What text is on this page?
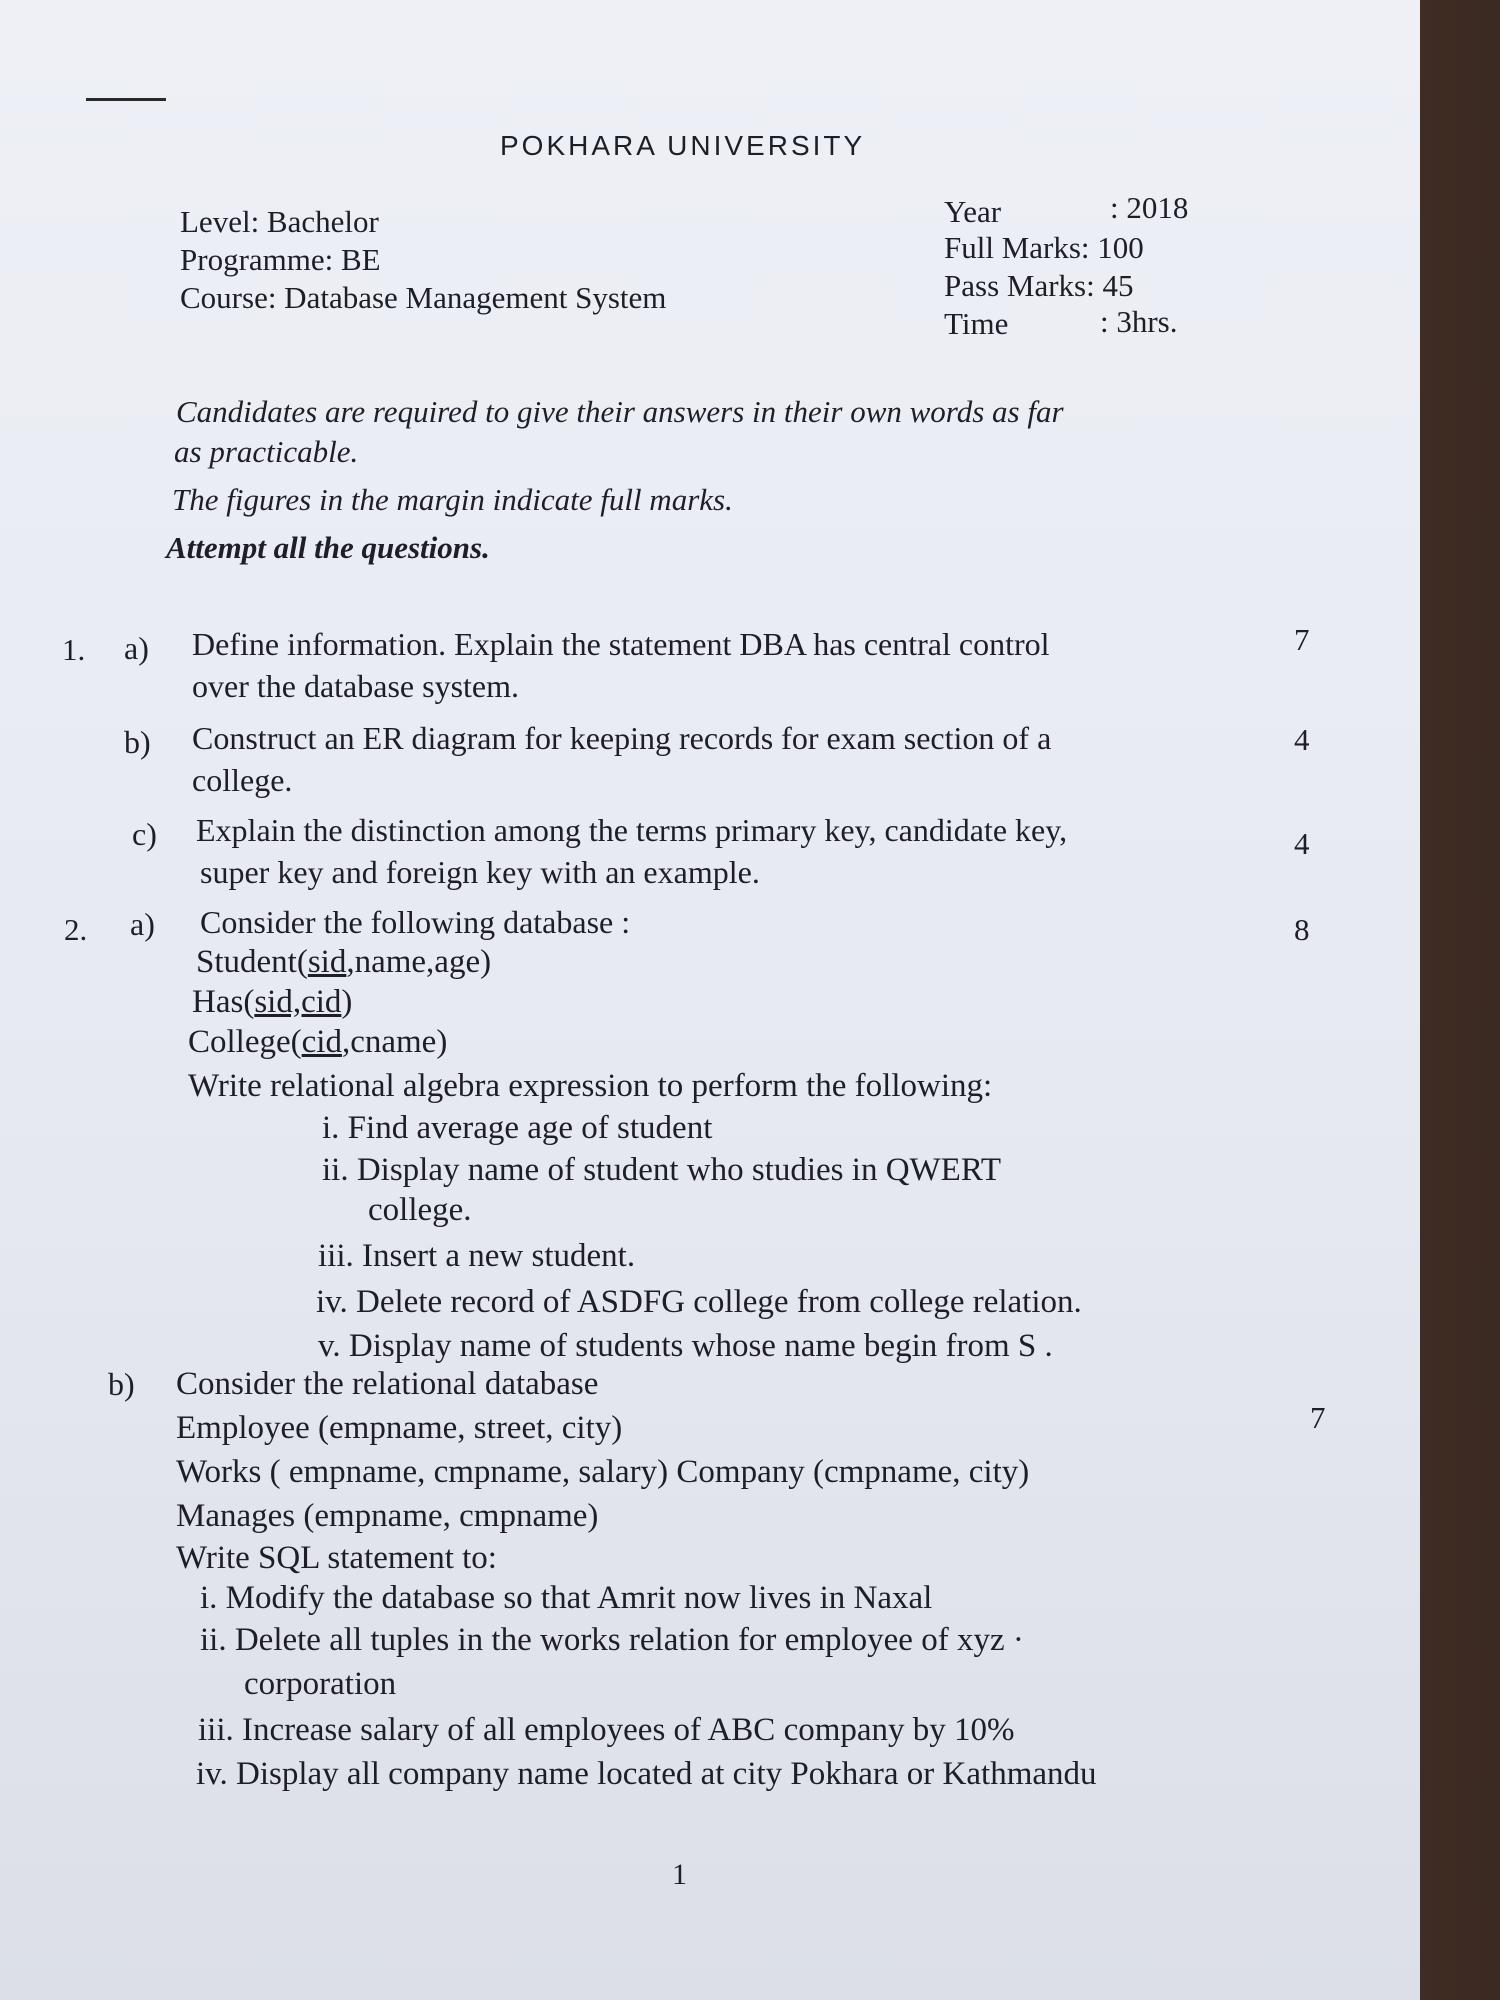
POKHARA UNIVERSITY
Level: Bachelor
Programme: BE
Course: Database Management System
Year	: 2018
Full Marks: 100
Pass Marks: 45
Time	: 3hrs.
Candidates are required to give their answers in their own words as far
as practicable.
The figures in the margin indicate full marks.
Attempt all the questions.
1. a) Define information. Explain the statement DBA has central control
over the database system.
7
b) Construct an ER diagram for keeping records for exam section of a
college.
4
c) Explain the distinction among the terms primary key, candidate key,
super key and foreign key with an example.
4
2. a) Consider the following database :	8
Student(sid,name,age)
Has(sid,cid)
College(cid,cname)
Write relational algebra expression to perform the following:
i. Find average age of student
ii. Display name of student who studies in QWERT
college.
iii. Insert a new student.
iv. Delete record of ASDFG college from college relation.
v. Display name of students whose name begin from S .
b) Consider the relational database
7
Employee (empname, street, city)
Works ( empname, cmpname, salary) Company (cmpname, city)
Manages (empname, cmpname)
Write SQL statement to:
i. Modify the database so that Amrit now lives in Naxal
ii. Delete all tuples in the works relation for employee of xyz ·
corporation
iii. Increase salary of all employees of ABC company by 10%
iv. Display all company name located at city Pokhara or Kathmandu
1
